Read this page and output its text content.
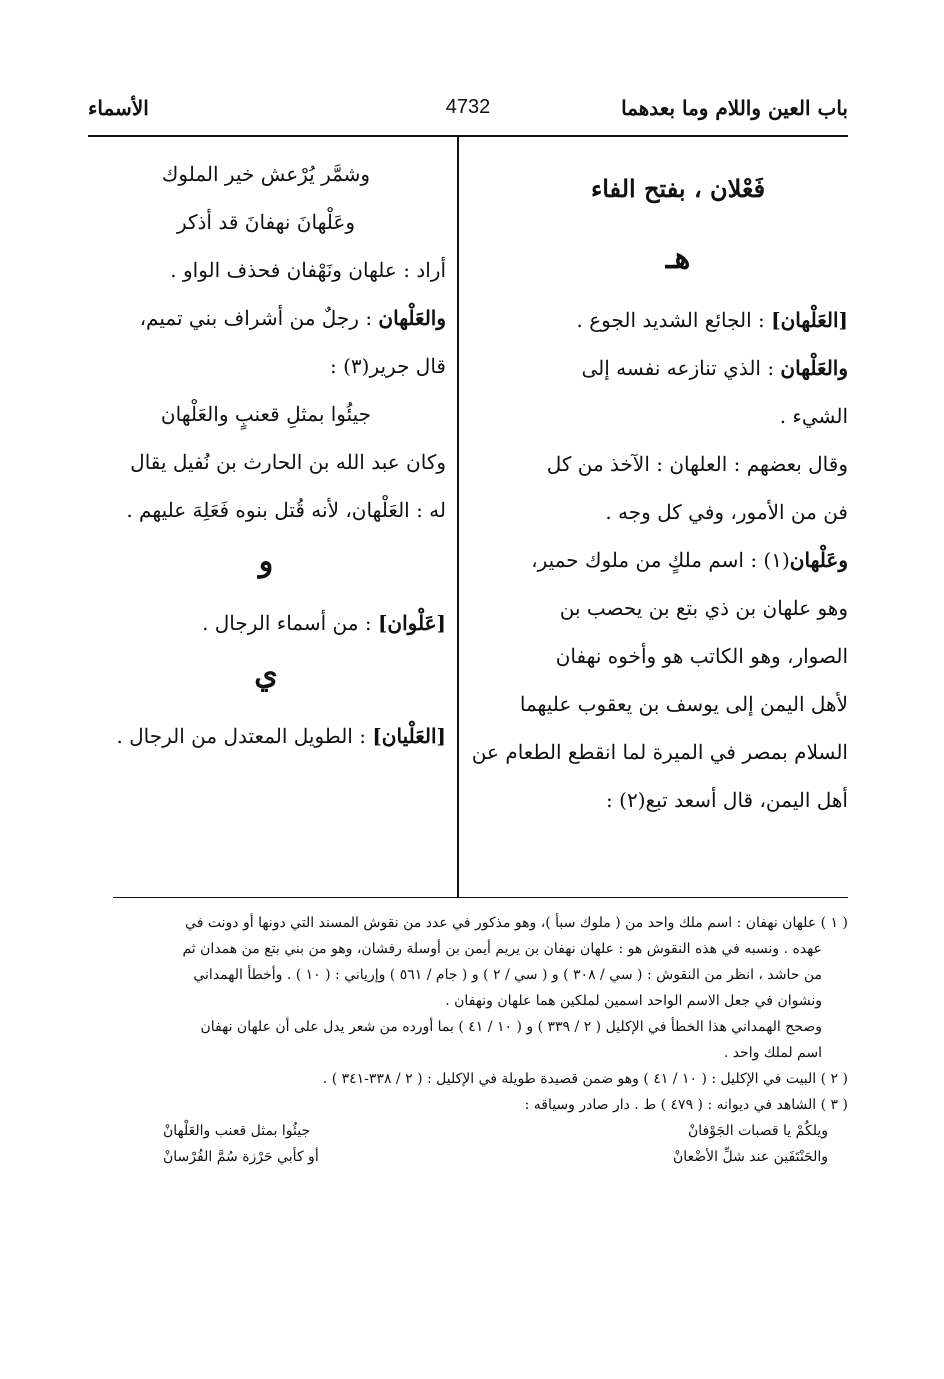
باب العين واللام وما بعدهما
4732
الأسماء
فَعْلان ، بفتح الفاء
هـ
[العَلْهان] : الجائع الشديد الجوع .
والعَلْهان : الذي تنازعه نفسه إلى
الشيء .
وقال بعضهم : العلهان : الآخذ من كل
فن من الأمور، وفي كل وجه .
وعَلْهان(١) : اسم ملكٍ من ملوك حمير،
وهو علهان بن ذي بتع بن يحصب بن
الصوار، وهو الكاتب هو وأخوه نهفان
لأهل اليمن إلى يوسف بن يعقوب عليهما
السلام بمصر في الميرة لما انقطع الطعام عن
أهل اليمن، قال أسعد تبع(٢) :
وشمَّر يُرْعش خير الملوك
وعَلْهانَ نهفانَ قد أذكر
أراد : علهان ونَهْفان فحذف الواو .
والعَلْهان : رجلٌ من أشراف بني تميم،
قال جرير(٣) :
جيئُوا بمثلِ قعنبٍ والعَلْهان
وكان عبد الله بن الحارث بن نُفيل يقال
له : العَلْهان، لأنه قُتل بنوه فَعَلِهَ عليهم .
و
[عَلْوان] : من أسماء الرجال .
ي
[العَلْيان] : الطويل المعتدل من الرجال .
( ١ ) علهان نهفان : اسم ملك واحد من ( ملوك سبأ )، وهو مذكور في عدد من نقوش المسند التي دونها أو دونت في
عهده . ونسبه في هذه النقوش هو : علهان نهفان بن يريم أيمن بن أوسلة رفشان، وهو من بني بتع من همدان ثم
من حاشد ، انظر من النقوش : ( سي / ٣٠٨ ) و ( سي / ٢ ) و ( جام / ٥٦١ ) وإرياني : ( ١٠ ) . وأخطأ الهمداني
ونشوان في جعل الاسم الواحد اسمين لملكين هما علهان ونهفان .
وصحح الهمداني هذا الخطأ في الإكليل ( ٢ / ٣٣٩ ) و ( ١٠ / ٤١ ) بما أورده من شعر يدل على أن علهان نهفان
اسم لملك واحد .
( ٢ ) البيت في الإكليل : ( ١٠ / ٤١ ) وهو ضمن قصيدة طويلة في الإكليل : ( ٢ / ٣٣٨-٣٤١ ) .
( ٣ ) الشاهد في ديوانه : ( ٤٧٩ ) ط . دار صادر وسياقه :
ويلكُمْ يا قصبات الجَوْفانْ
جيئُوا بمثل قعنب والعَلْهانْ
والحَنْتَفَين عند شلِّ الأضْعانْ
أو كأبي حَرْزة سُمَّ الفُرْسانْ
